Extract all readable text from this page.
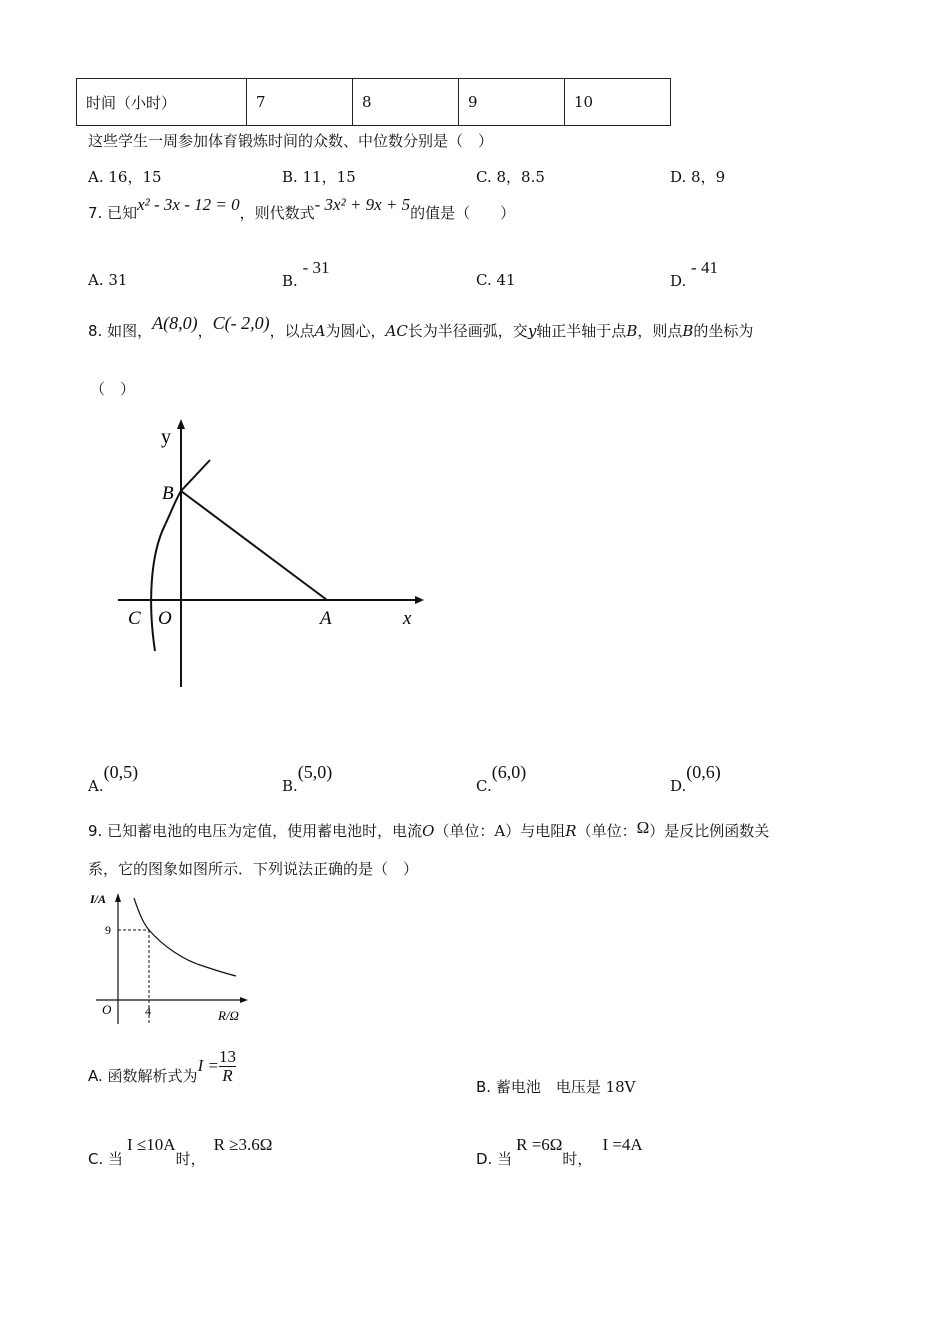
时间（小时）	7	8	9	10
这些学生一周参加体育锻炼时间的众数、中位数分别是（　）
A. 16，15	B. 11，15	C. 8，8.5	D. 8，9
7. 已知x² - 3x - 12 = 0，则代数式- 3x² + 9x + 5的值是（　　）
A. 31	B. - 31
C. 41	D. - 41
8. 如图，A(8,0)，C(- 2,0)，以点A为圆心，AC长为半径画弧，交y轴正半轴于点B，则点B的坐标为
（　）
y
x
B
C O	A
A.(0,5)
B.(5,0)
C.(6,0)
D.(0,6)
9. 已知蓄电池的电压为定值，使用蓄电池时，电流O（单位：A）与电阻R（单位：Ω）是反比例函数关
系，它的图象如图所示．下列说法正确的是（　）
I/A
R/Ω
O
9
4
A. 函数解析式为$I = \frac{13}{R}$
B. 蓄电池　电压是 18V
C. 当I ≤10A时，R ≥3.6Ω
D. 当R =6Ω时，I =4A
